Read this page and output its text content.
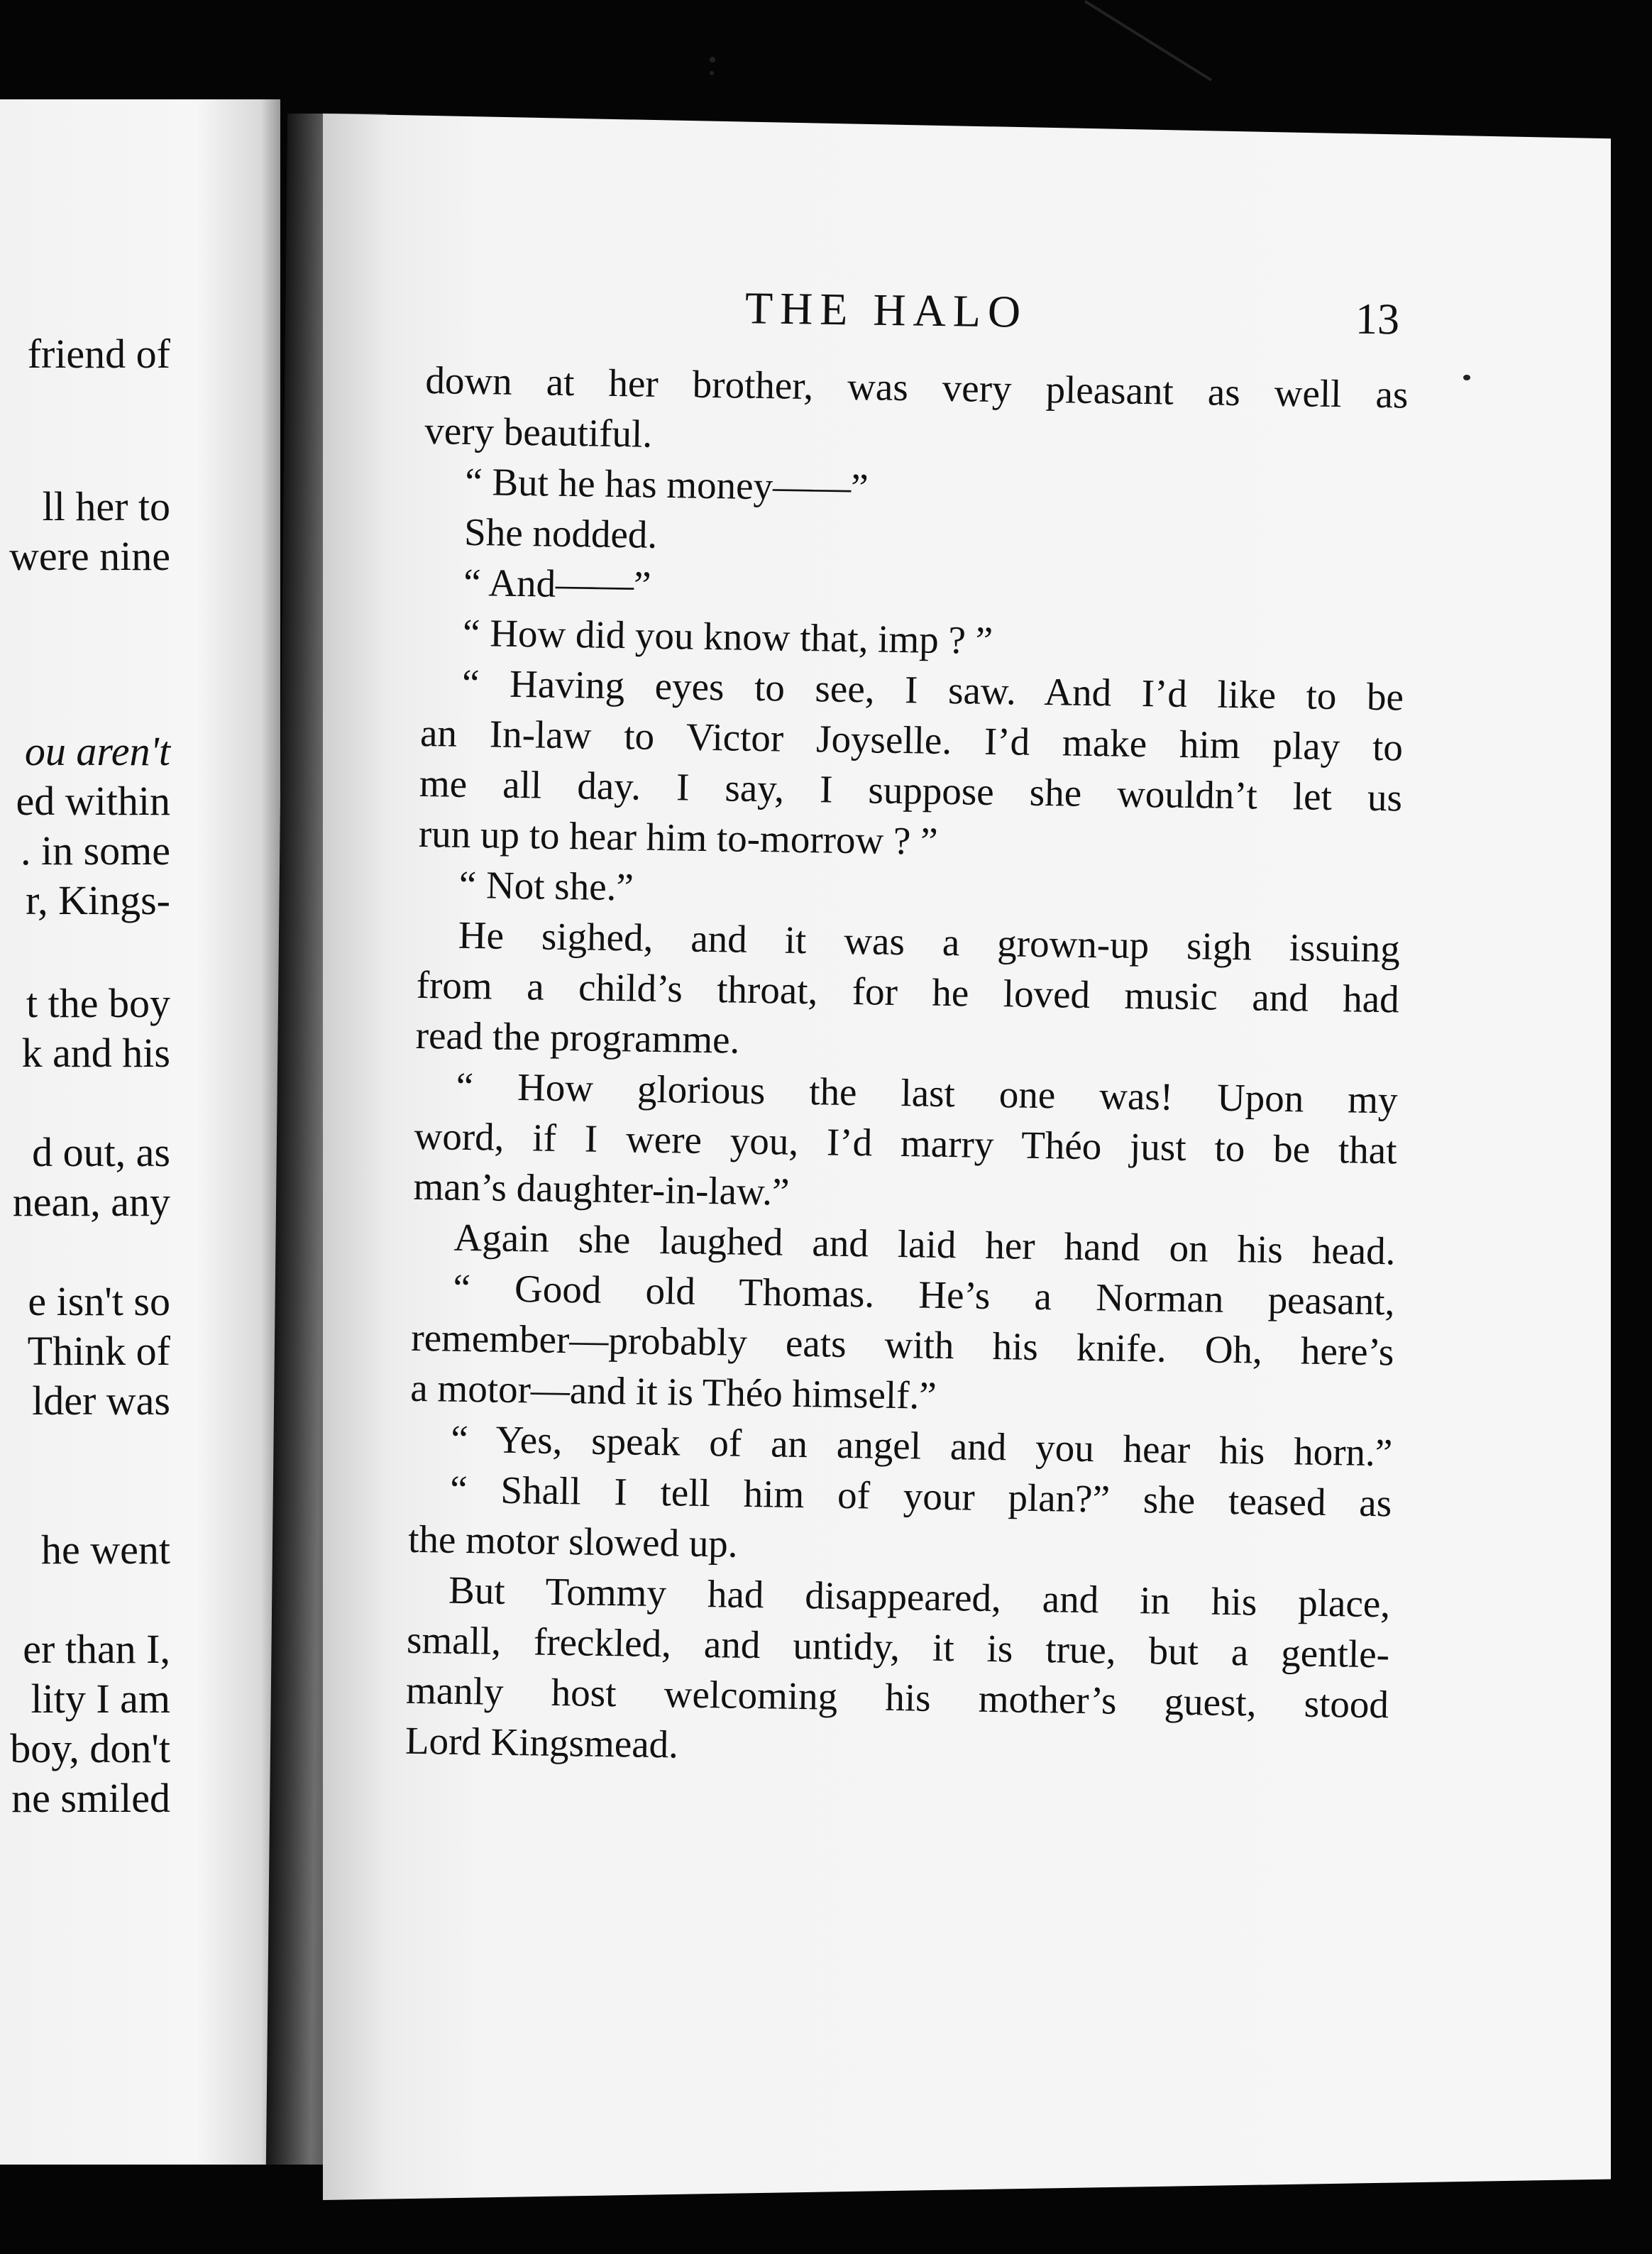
friend of
ll her to
were nine
ou aren't
ed within
. in some
r, Kings-
t the boy
k and his
d out, as
nean, any
e isn't so
Think of
lder was
he went
er than I,
lity I am
boy, don't
ne smiled
THE HALO	13
down at her brother, was very pleasant as well as
very beautiful.
“ But he has money——”
She nodded.
“ And——”
“ How did you know that, imp ? ”
“ Having eyes to see, I saw. And I’d like to be
an In-law to Victor Joyselle. I’d make him play to
me all day. I say, I suppose she wouldn’t let us
run up to hear him to-morrow ? ”
“ Not she.”
He sighed, and it was a grown-up sigh issuing
from a child’s throat, for he loved music and had
read the programme.
“ How glorious the last one was! Upon my
word, if I were you, I’d marry Théo just to be that
man’s daughter-in-law.”
Again she laughed and laid her hand on his head.
“ Good old Thomas. He’s a Norman peasant,
remember—probably eats with his knife. Oh, here’s
a motor—and it is Théo himself.”
“ Yes, speak of an angel and you hear his horn.”
“ Shall I tell him of your plan?” she teased as
the motor slowed up.
But Tommy had disappeared, and in his place,
small, freckled, and untidy, it is true, but a gentle-
manly host welcoming his mother’s guest, stood
Lord Kingsmead.
